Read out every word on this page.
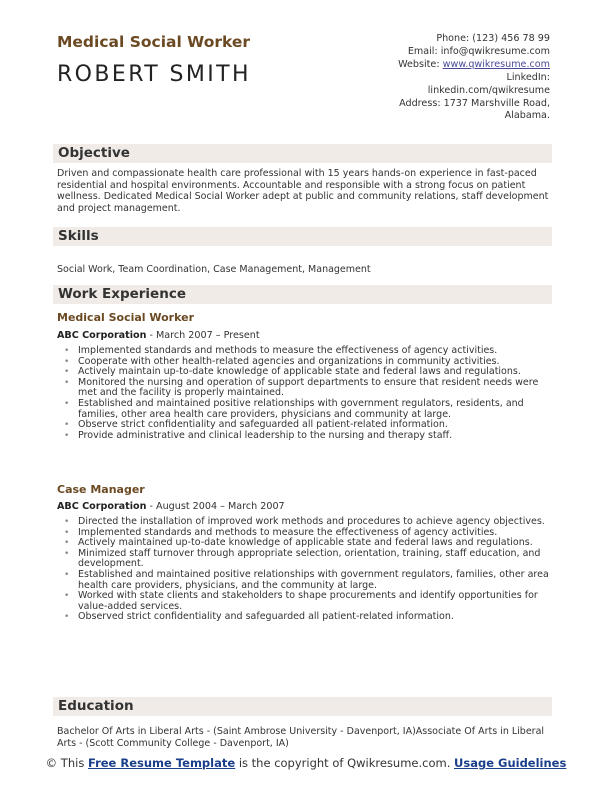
Medical Social Worker
ROBERT SMITH
Phone: (123) 456 78 99
Email: info@qwikresume.com
Website: www.qwikresume.com
LinkedIn:
linkedin.com/qwikresume
Address: 1737 Marshville Road,
Alabama.
Objective
Driven and compassionate health care professional with 15 years hands-on experience in fast-paced residential and hospital environments. Accountable and responsible with a strong focus on patient wellness. Dedicated Medical Social Worker adept at public and community relations, staff development and project management.
Skills
Social Work, Team Coordination, Case Management, Management
Work Experience
Medical Social Worker
ABC Corporation - March 2007 – Present
• Implemented standards and methods to measure the effectiveness of agency activities.
• Cooperate with other health-related agencies and organizations in community activities.
• Actively maintain up-to-date knowledge of applicable state and federal laws and regulations.
• Monitored the nursing and operation of support departments to ensure that resident needs were met and the facility is properly maintained.
• Established and maintained positive relationships with government regulators, residents, and families, other area health care providers, physicians and community at large.
• Observe strict confidentiality and safeguarded all patient-related information.
• Provide administrative and clinical leadership to the nursing and therapy staff.
Case Manager
ABC Corporation - August 2004 – March 2007
• Directed the installation of improved work methods and procedures to achieve agency objectives.
• Implemented standards and methods to measure the effectiveness of agency activities.
• Actively maintained up-to-date knowledge of applicable state and federal laws and regulations.
• Minimized staff turnover through appropriate selection, orientation, training, staff education, and development.
• Established and maintained positive relationships with government regulators, families, other area health care providers, physicians, and the community at large.
• Worked with state clients and stakeholders to shape procurements and identify opportunities for value-added services.
• Observed strict confidentiality and safeguarded all patient-related information.
Education
Bachelor Of Arts in Liberal Arts - (Saint Ambrose University - Davenport, IA)Associate Of Arts in Liberal Arts - (Scott Community College - Davenport, IA)
© This Free Resume Template is the copyright of Qwikresume.com. Usage Guidelines
